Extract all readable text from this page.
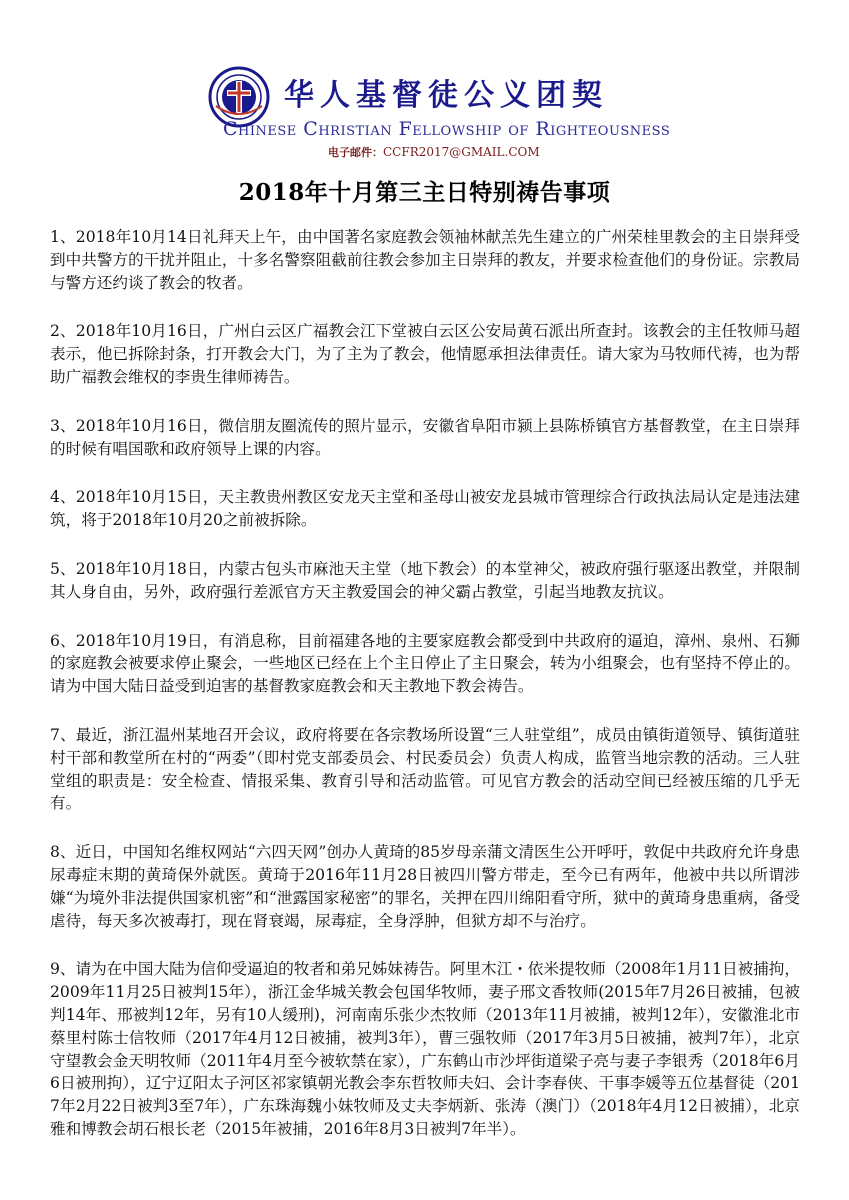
华人基督徒公义团契
Chinese Christian Fellowship of Righteousness
电子邮件：CCFR2017@GMAIL.COM
2018年十月第三主日特别祷告事项

1、2018年10月14日礼拜天上午，由中国著名家庭教会领袖林献羔先生建立的广州荣桂里教会的主日崇拜受到中共警方的干扰并阻止，十多名警察阻截前往教会参加主日崇拜的教友，并要求检查他们的身份证。宗教局与警方还约谈了教会的牧者。

2、2018年10月16日，广州白云区广福教会江下堂被白云区公安局黄石派出所查封。该教会的主任牧师马超表示，他已拆除封条，打开教会大门，为了主为了教会，他情愿承担法律责任。请大家为马牧师代祷，也为帮助广福教会维权的李贵生律师祷告。

3、2018年10月16日，微信朋友圈流传的照片显示，安徽省阜阳市颍上县陈桥镇官方基督教堂，在主日崇拜的时候有唱国歌和政府领导上课的内容。

4、2018年10月15日，天主教贵州教区安龙天主堂和圣母山被安龙县城市管理综合行政执法局认定是违法建筑，将于2018年10月20之前被拆除。

5、2018年10月18日，内蒙古包头市麻池天主堂（地下教会）的本堂神父，被政府强行驱逐出教堂，并限制其人身自由，另外，政府强行差派官方天主教爱国会的神父霸占教堂，引起当地教友抗议。

6、2018年10月19日，有消息称，目前福建各地的主要家庭教会都受到中共政府的逼迫，漳州、泉州、石狮的家庭教会被要求停止聚会，一些地区已经在上个主日停止了主日聚会，转为小组聚会，也有坚持不停止的。请为中国大陆日益受到迫害的基督教家庭教会和天主教地下教会祷告。

7、最近，浙江温州某地召开会议，政府将要在各宗教场所设置“三人驻堂组”，成员由镇街道领导、镇街道驻村干部和教堂所在村的“两委”（即村党支部委员会、村民委员会）负责人构成，监管当地宗教的活动。三人驻堂组的职责是：安全检查、情报采集、教育引导和活动监管。可见官方教会的活动空间已经被压缩的几乎无有。

8、近日，中国知名维权网站“六四天网”创办人黄琦的85岁母亲蒲文清医生公开呼吁，敦促中共政府允许身患尿毒症末期的黄琦保外就医。黄琦于2016年11月28日被四川警方带走，至今已有两年，他被中共以所谓涉嫌“为境外非法提供国家机密”和“泄露国家秘密”的罪名，关押在四川绵阳看守所，狱中的黄琦身患重病，备受虐待，每天多次被毒打，现在肾衰竭，尿毒症，全身浮肿，但狱方却不与治疗。

9、请为在中国大陆为信仰受逼迫的牧者和弟兄姊妹祷告。阿里木江・依米提牧师（2008年1月11日被捕拘，2009年11月25日被判15年），浙江金华城关教会包国华牧师，妻子邢文香牧师(2015年7月26日被捕，包被判14年、邢被判12年，另有10人缓刑)，河南南乐张少杰牧师（2013年11月被捕，被判12年），安徽淮北市蔡里村陈士信牧师（2017年4月12日被捕，被判3年），曹三强牧师（2017年3月5日被捕，被判7年），北京守望教会金天明牧师（2011年4月至今被软禁在家），广东鹤山市沙坪街道梁子亮与妻子李银秀（2018年6月6日被刑拘），辽宁辽阳太子河区祁家镇朝光教会李东哲牧师夫妇、会计李春侠、干事李媛等五位基督徒（2017年2月22日被判3至7年），广东珠海魏小妹牧师及丈夫李炳新、张涛（澳门）（2018年4月12日被捕），北京雅和博教会胡石根长老（2015年被捕，2016年8月3日被判7年半）。
